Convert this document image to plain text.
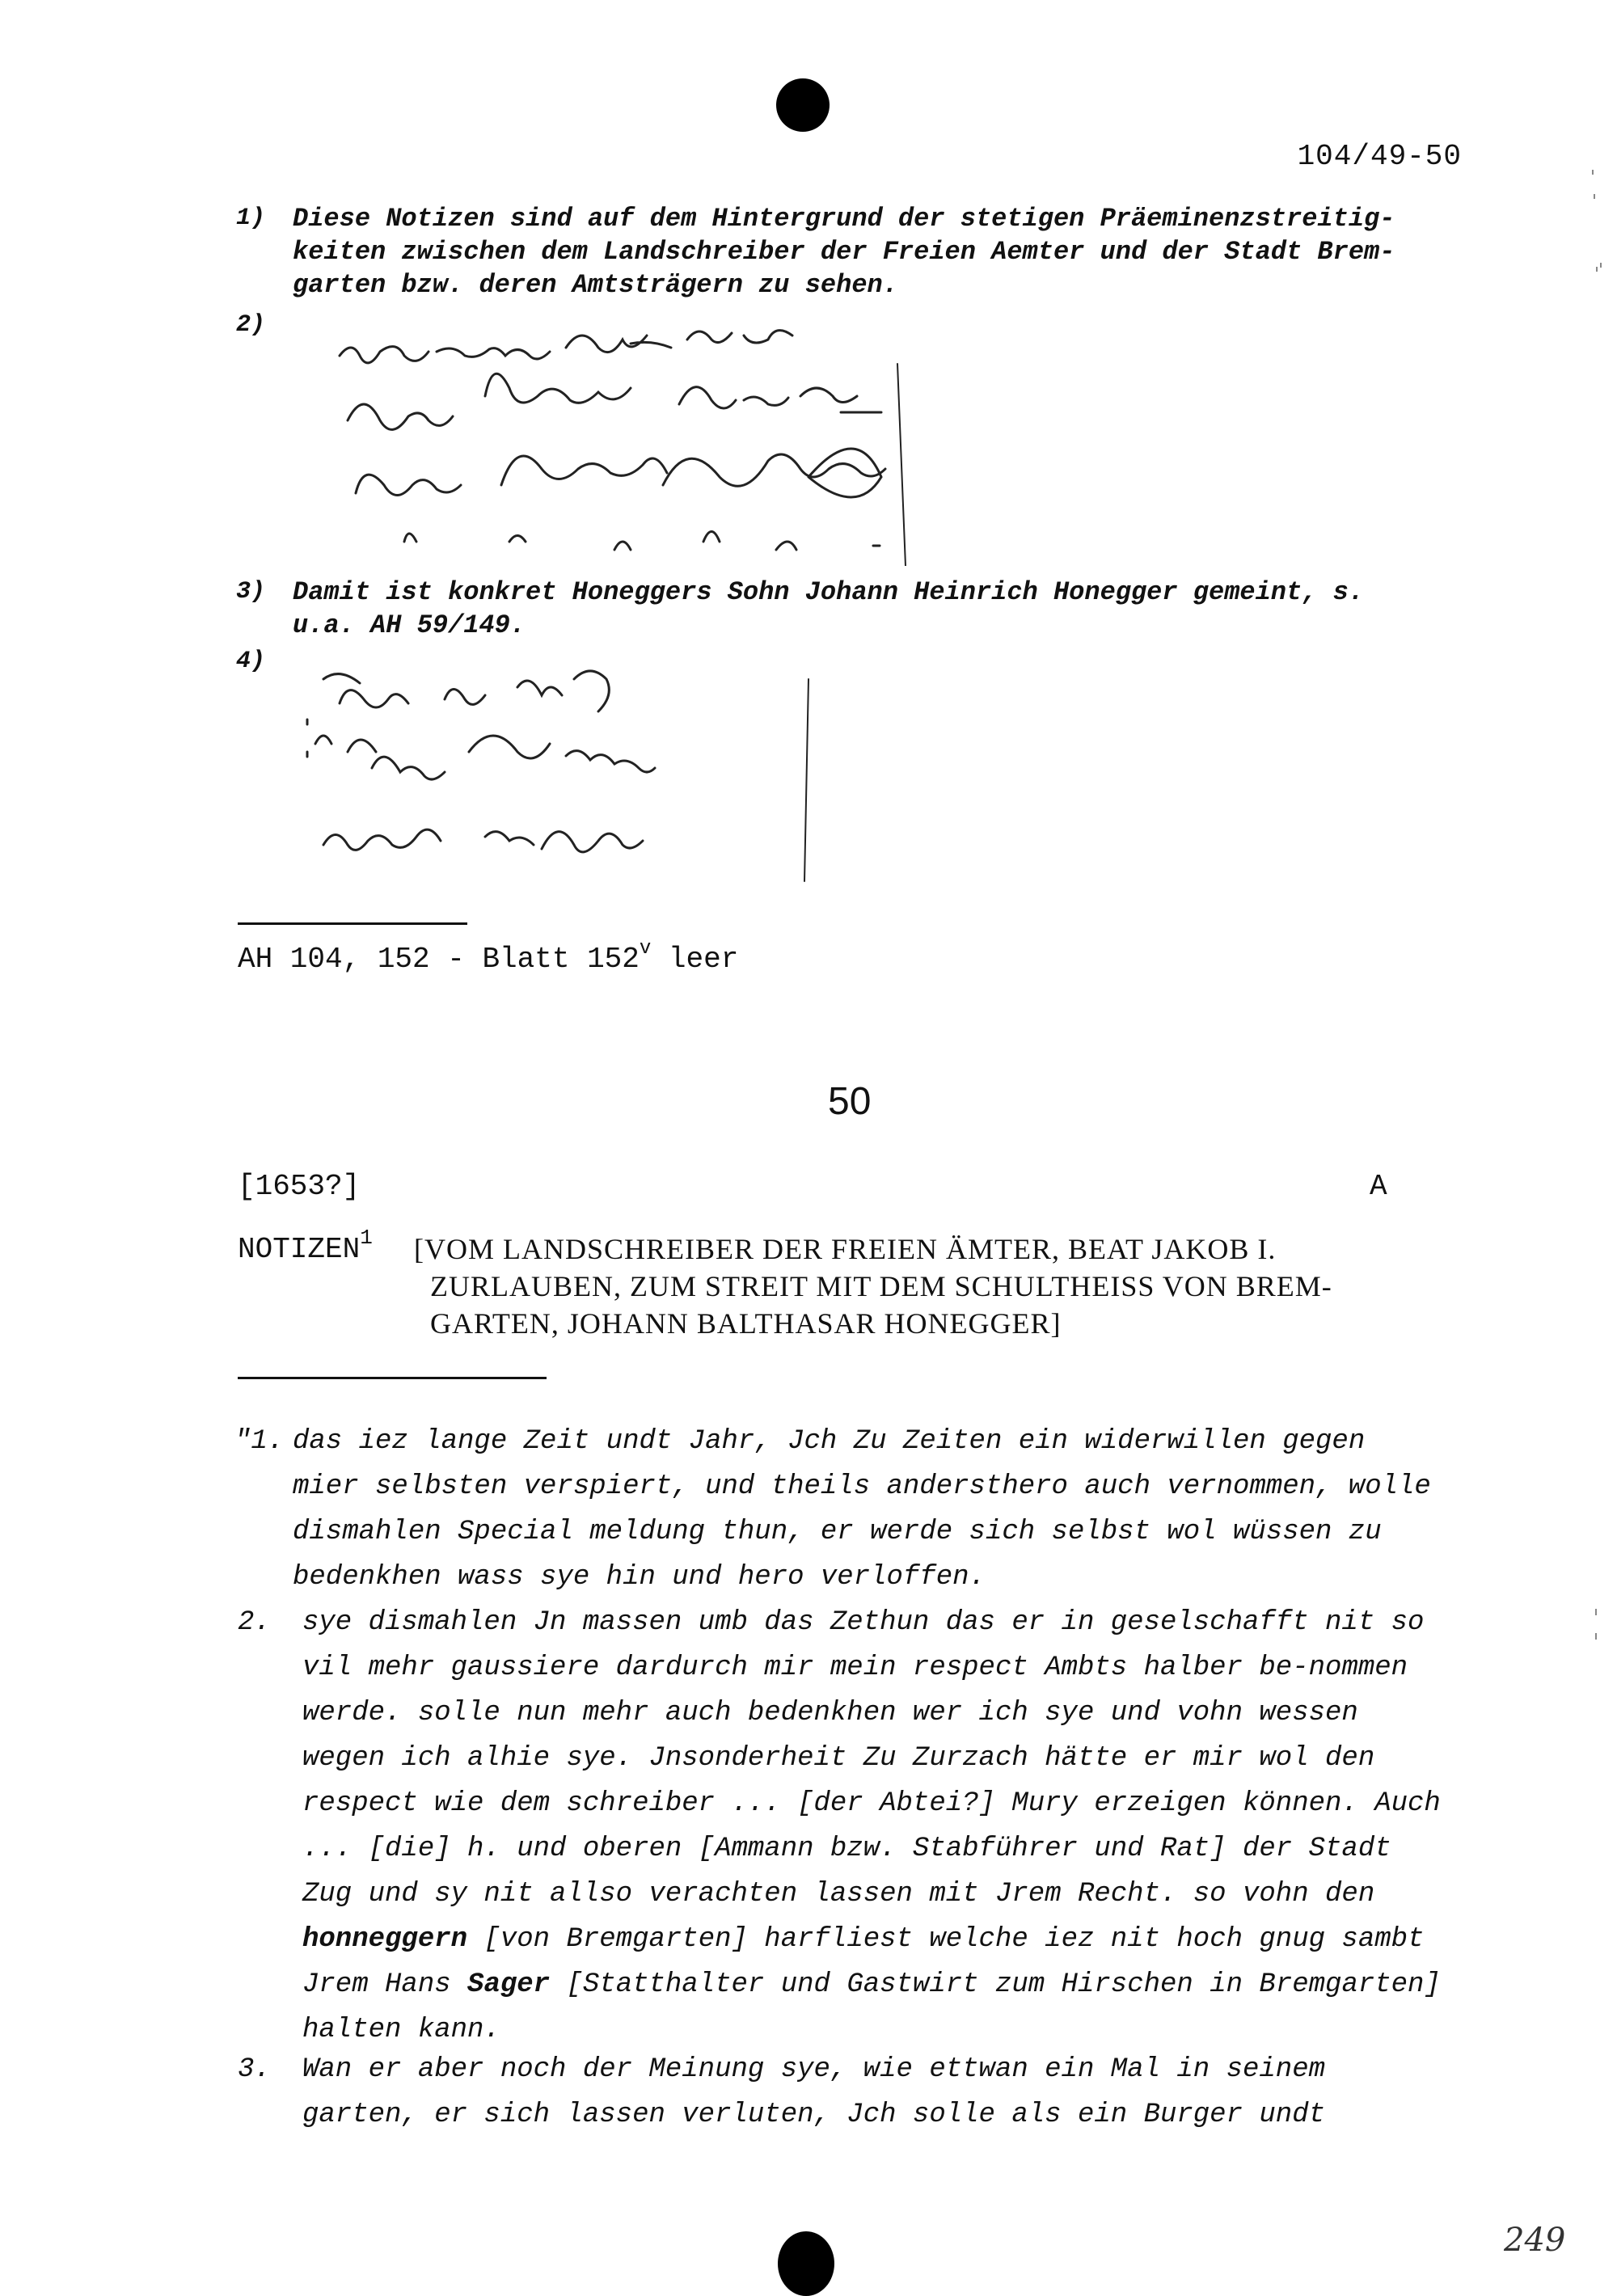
104/49-50
1) Diese Notizen sind auf dem Hintergrund der stetigen Präeminenzstreitig-
keiten zwischen dem Landschreiber der Freien Aemter und der Stadt Brem-
garten bzw. deren Amtsträgern zu sehen.
2)
3) Damit ist konkret Honeggers Sohn Johann Heinrich Honegger gemeint, s.
u.a. AH 59/149.
4)
AH 104, 152 - Blatt 152$^v$ leer
50
[1653?]	A
NOTIZEN$^1$ [VOM LANDSCHREIBER DER FREIEN ÄMTER, BEAT JAKOB I.
ZURLAUBEN, ZUM STREIT MIT DEM SCHULTHEISS VON BREM-
GARTEN, JOHANN BALTHASAR HONEGGER]
"1. das iez lange Zeit undt Jahr, Jch Zu Zeiten ein widerwillen gegen mier selbsten verspiert, und theils andersthero auch vernommen, wolle dismahlen Special meldung thun, er werde sich selbst wol wüssen zu bedenkhen wass sye hin und hero verloffen.
2. sye dismahlen Jn massen umb das Zethun das er in geselschafft nit so vil mehr gaussiere dardurch mir mein respect Ambts halber be-nommen werde. solle nun mehr auch bedenkhen wer ich sye und vohn wessen wegen ich alhie sye. Jnsonderheit Zu Zurzach hätte er mir wol den respect wie dem schreiber ... [der Abtei?] Mury erzeigen können. Auch ... [die] h. und oberen [Ammann bzw. Stabführer und Rat] der Stadt Zug und sy nit allso verachten lassen mit Jrem Recht. so vohn den honneggern [von Bremgarten] harfliest welche iez nit hoch gnug sambt Jrem Hans Sager [Statthalter und Gastwirt zum Hirschen in Bremgarten] halten kann.
3. Wan er aber noch der Meinung sye, wie ettwan ein Mal in seinem garten, er sich lassen verluten, Jch solle als ein Burger undt
249
